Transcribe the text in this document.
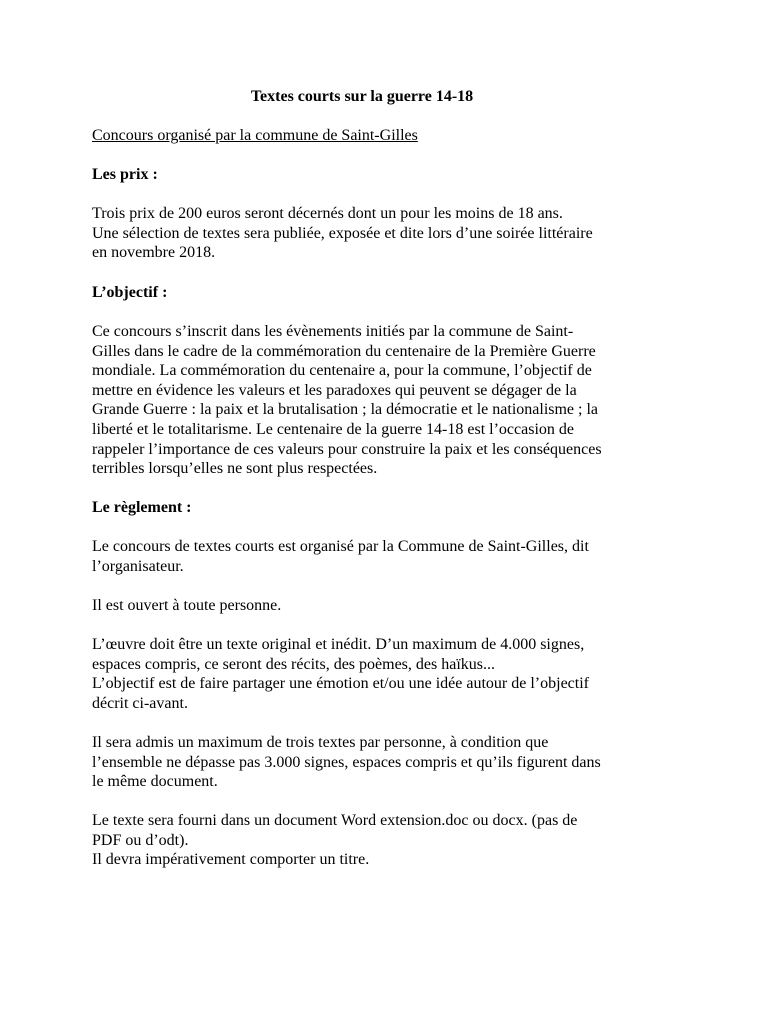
Textes courts sur la guerre 14-18
Concours organisé par la commune de Saint-Gilles
Les prix :

Trois prix de 200 euros seront décernés dont un pour les moins de 18 ans.

Une sélection de textes sera publiée, exposée et dite lors d’une soirée littéraire

en novembre 2018.

L’objectif :

Ce concours s’inscrit dans les évènements initiés par la commune de Saint-

Gilles dans le cadre de la commémoration du centenaire de la Première Guerre

mondiale. La commémoration du centenaire a, pour la commune, l’objectif de

mettre en évidence les valeurs et les paradoxes qui peuvent se dégager de la

Grande Guerre : la paix et la brutalisation ; la démocratie et le nationalisme ; la

liberté et le totalitarisme. Le centenaire de la guerre 14-18 est l’occasion de

rappeler l’importance de ces valeurs pour construire la paix et les conséquences

terribles lorsqu’elles ne sont plus respectées.

Le règlement :

Le concours de textes courts est organisé par la Commune de Saint-Gilles, dit

l’organisateur.

Il est ouvert à toute personne.

L’œuvre doit être un texte original et inédit. D’un maximum de 4.000 signes,

espaces compris, ce seront des récits, des poèmes, des haïkus...

L’objectif est de faire partager une émotion et/ou une idée autour de l’objectif

décrit ci-avant.

Il sera admis un maximum de trois textes par personne, à condition que

l’ensemble ne dépasse pas 3.000 signes, espaces compris et qu’ils figurent dans

le même document.

Le texte sera fourni dans un document Word extension.doc ou docx. (pas de

PDF ou d’odt).

Il devra impérativement comporter un titre.
